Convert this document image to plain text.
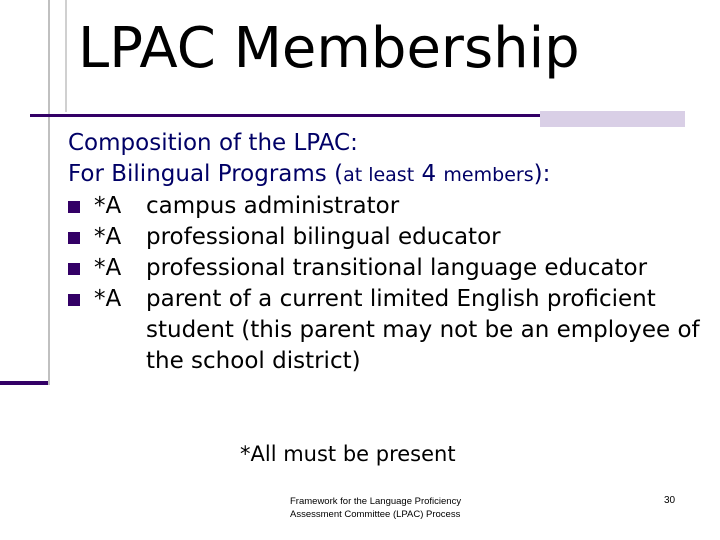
LPAC Membership
Composition of the LPAC:
For Bilingual Programs (at least 4 members):
*A	campus administrator
*A	professional bilingual educator
*A	professional transitional language educator
*A	parent of a current limited English proficient student (this parent may not be an employee of the school district)
*All must be present
Framework for the Language Proficiency
Assessment Committee (LPAC) Process
30
